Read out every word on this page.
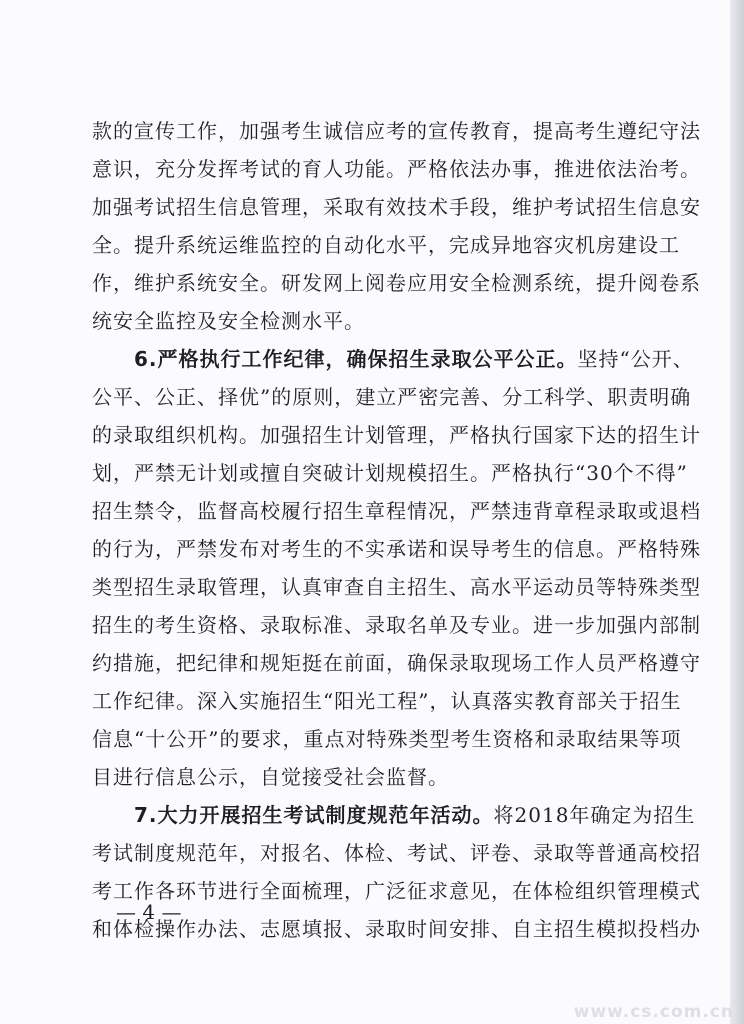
款的宣传工作，加强考生诚信应考的宣传教育，提高考生遵纪守法
意识，充分发挥考试的育人功能。严格依法办事，推进依法治考。
加强考试招生信息管理，采取有效技术手段，维护考试招生信息安
全。提升系统运维监控的自动化水平，完成异地容灾机房建设工
作，维护系统安全。研发网上阅卷应用安全检测系统，提升阅卷系
统安全监控及安全检测水平。
6.严格执行工作纪律，确保招生录取公平公正。坚持“公开、
公平、公正、择优”的原则，建立严密完善、分工科学、职责明确
的录取组织机构。加强招生计划管理，严格执行国家下达的招生计
划，严禁无计划或擅自突破计划规模招生。严格执行“30个不得”
招生禁令，监督高校履行招生章程情况，严禁违背章程录取或退档
的行为，严禁发布对考生的不实承诺和误导考生的信息。严格特殊
类型招生录取管理，认真审查自主招生、高水平运动员等特殊类型
招生的考生资格、录取标准、录取名单及专业。进一步加强内部制
约措施，把纪律和规矩挺在前面，确保录取现场工作人员严格遵守
工作纪律。深入实施招生“阳光工程”，认真落实教育部关于招生
信息“十公开”的要求，重点对特殊类型考生资格和录取结果等项
目进行信息公示，自觉接受社会监督。
7.大力开展招生考试制度规范年活动。将2018年确定为招生
考试制度规范年，对报名、体检、考试、评卷、录取等普通高校招
考工作各环节进行全面梳理，广泛征求意见，在体检组织管理模式
和体检操作办法、志愿填报、录取时间安排、自主招生模拟投档办
— 4 —
www.cs.com.cn
